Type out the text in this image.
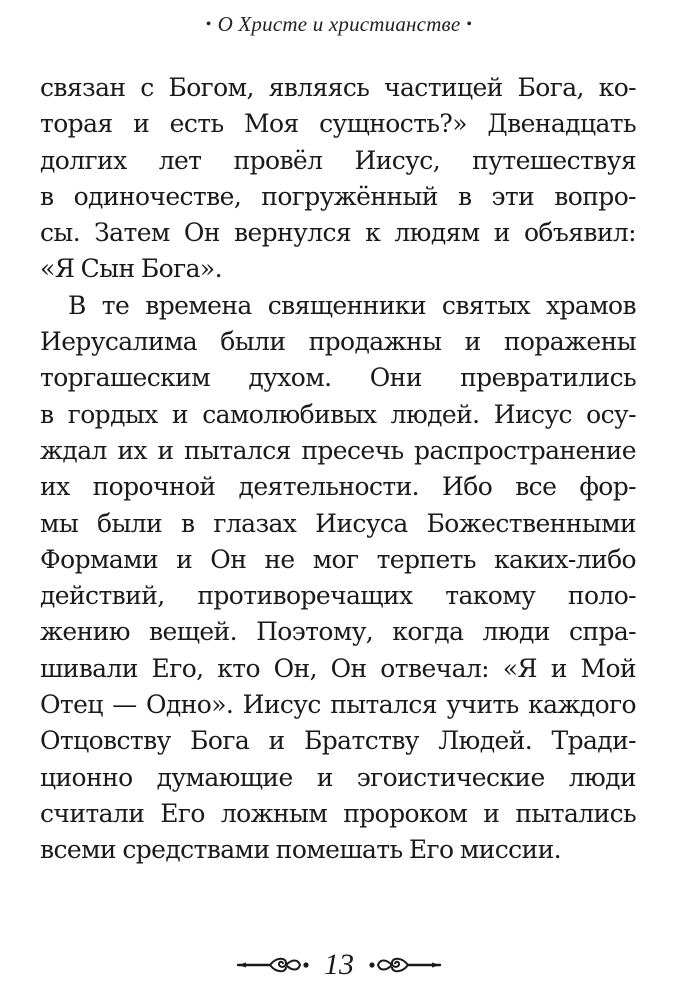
• О Христе и христианстве •
связан с Богом, являясь частицей Бога, ко-
торая и есть Моя сущность?» Двенадцать
долгих лет провёл Иисус, путешествуя
в одиночестве, погружённый в эти вопро-
сы. Затем Он вернулся к людям и объявил:
«Я Сын Бога».
В те времена священники святых храмов
Иерусалима были продажны и поражены
торгашеским духом. Они превратились
в гордых и самолюбивых людей. Иисус осу-
ждал их и пытался пресечь распространение
их порочной деятельности. Ибо все фор-
мы были в глазах Иисуса Божественными
Формами и Он не мог терпеть каких-либо
действий, противоречащих такому поло-
жению вещей. Поэтому, когда люди спра-
шивали Его, кто Он, Он отвечал: «Я и Мой
Отец — Одно». Иисус пытался учить каждого
Отцовству Бога и Братству Людей. Тради-
ционно думающие и эгоистические люди
считали Его ложным пророком и пытались
всеми средствами помешать Его миссии.
13
